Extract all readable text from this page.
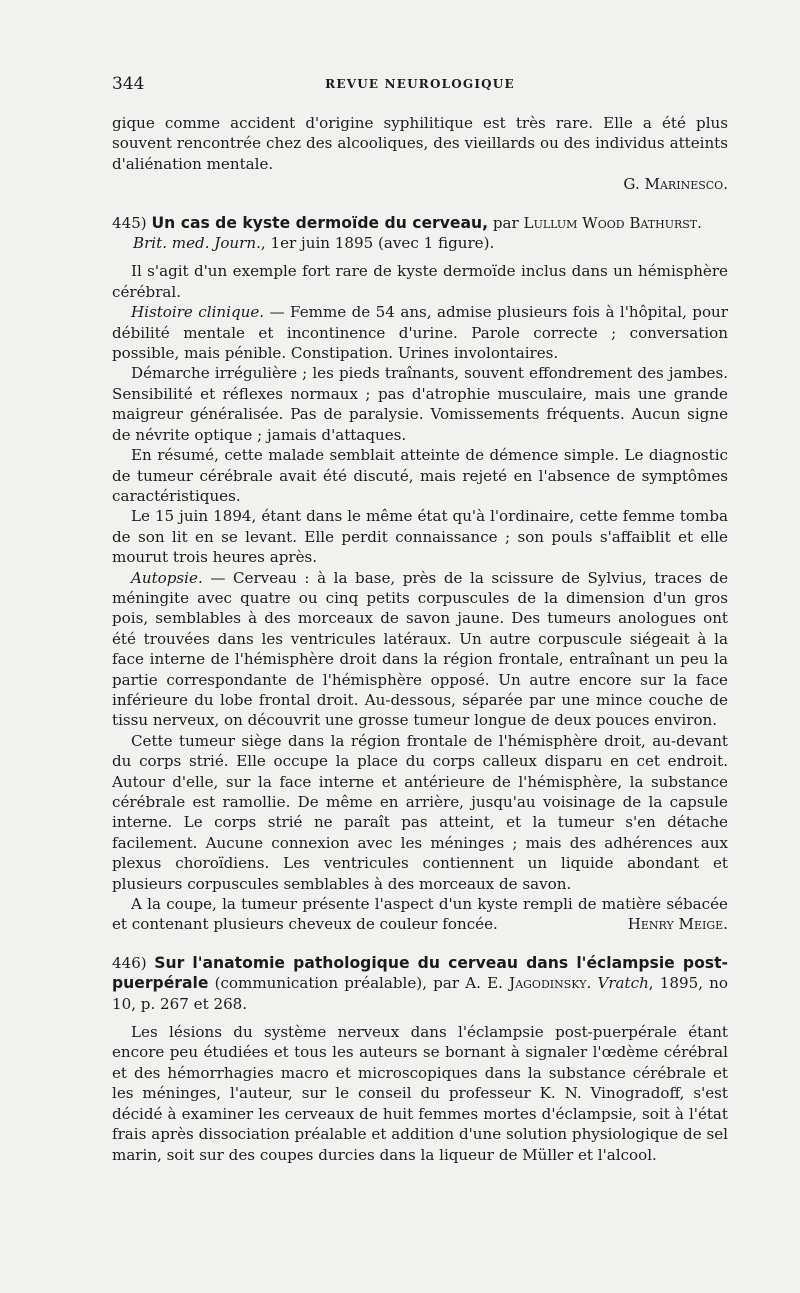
344	REVUE NEUROLOGIQUE

gique comme accident d'origine syphilitique est très rare. Elle a été plus souvent rencontrée chez des alcooliques, des vieillards ou des individus atteints d'aliénation mentale.

G. Marinesco.

445) Un cas de kyste dermoïde du cerveau, par Lullum Wood Bathurst.

Brit. med. Journ., 1er juin 1895 (avec 1 figure).

Il s'agit d'un exemple fort rare de kyste dermoïde inclus dans un hémisphère cérébral.

Histoire clinique. — Femme de 54 ans, admise plusieurs fois à l'hôpital, pour débilité mentale et incontinence d'urine. Parole correcte ; conversation possible, mais pénible. Constipation. Urines involontaires.

Démarche irrégulière ; les pieds traînants, souvent effondrement des jambes. Sensibilité et réflexes normaux ; pas d'atrophie musculaire, mais une grande maigreur généralisée. Pas de paralysie. Vomissements fréquents. Aucun signe de névrite optique ; jamais d'attaques.

En résumé, cette malade semblait atteinte de démence simple. Le diagnostic de tumeur cérébrale avait été discuté, mais rejeté en l'absence de symptômes caractéristiques.

Le 15 juin 1894, étant dans le même état qu'à l'ordinaire, cette femme tomba de son lit en se levant. Elle perdit connaissance ; son pouls s'affaiblit et elle mourut trois heures après.

Autopsie. — Cerveau : à la base, près de la scissure de Sylvius, traces de méningite avec quatre ou cinq petits corpuscules de la dimension d'un gros pois, semblables à des morceaux de savon jaune. Des tumeurs anologues ont été trouvées dans les ventricules latéraux. Un autre corpuscule siégeait à la face interne de l'hémisphère droit dans la région frontale, entraînant un peu la partie correspondante de l'hémisphère opposé. Un autre encore sur la face inférieure du lobe frontal droit. Au-dessous, séparée par une mince couche de tissu nerveux, on découvrit une grosse tumeur longue de deux pouces environ.

Cette tumeur siège dans la région frontale de l'hémisphère droit, au-devant du corps strié. Elle occupe la place du corps calleux disparu en cet endroit. Autour d'elle, sur la face interne et antérieure de l'hémisphère, la substance cérébrale est ramollie. De même en arrière, jusqu'au voisinage de la capsule interne. Le corps strié ne paraît pas atteint, et la tumeur s'en détache facilement. Aucune connexion avec les méninges ; mais des adhérences aux plexus choroïdiens. Les ventricules contiennent un liquide abondant et plusieurs corpuscules semblables à des morceaux de savon.

A la coupe, la tumeur présente l'aspect d'un kyste rempli de matière sébacée et contenant plusieurs cheveux de couleur foncée.	Henry Meige.

446) Sur l'anatomie pathologique du cerveau dans l'éclampsie post-puerpérale (communication préalable), par A. E. Jagodinsky. Vratch, 1895, no 10, p. 267 et 268.

Les lésions du système nerveux dans l'éclampsie post-puerpérale étant encore peu étudiées et tous les auteurs se bornant à signaler l'œdème cérébral et des hémorrhagies macro et microscopiques dans la substance cérébrale et les méninges, l'auteur, sur le conseil du professeur K. N. Vinogradoff, s'est décidé à examiner les cerveaux de huit femmes mortes d'éclampsie, soit à l'état frais après dissociation préalable et addition d'une solution physiologique de sel marin, soit sur des coupes durcies dans la liqueur de Müller et l'alcool.
